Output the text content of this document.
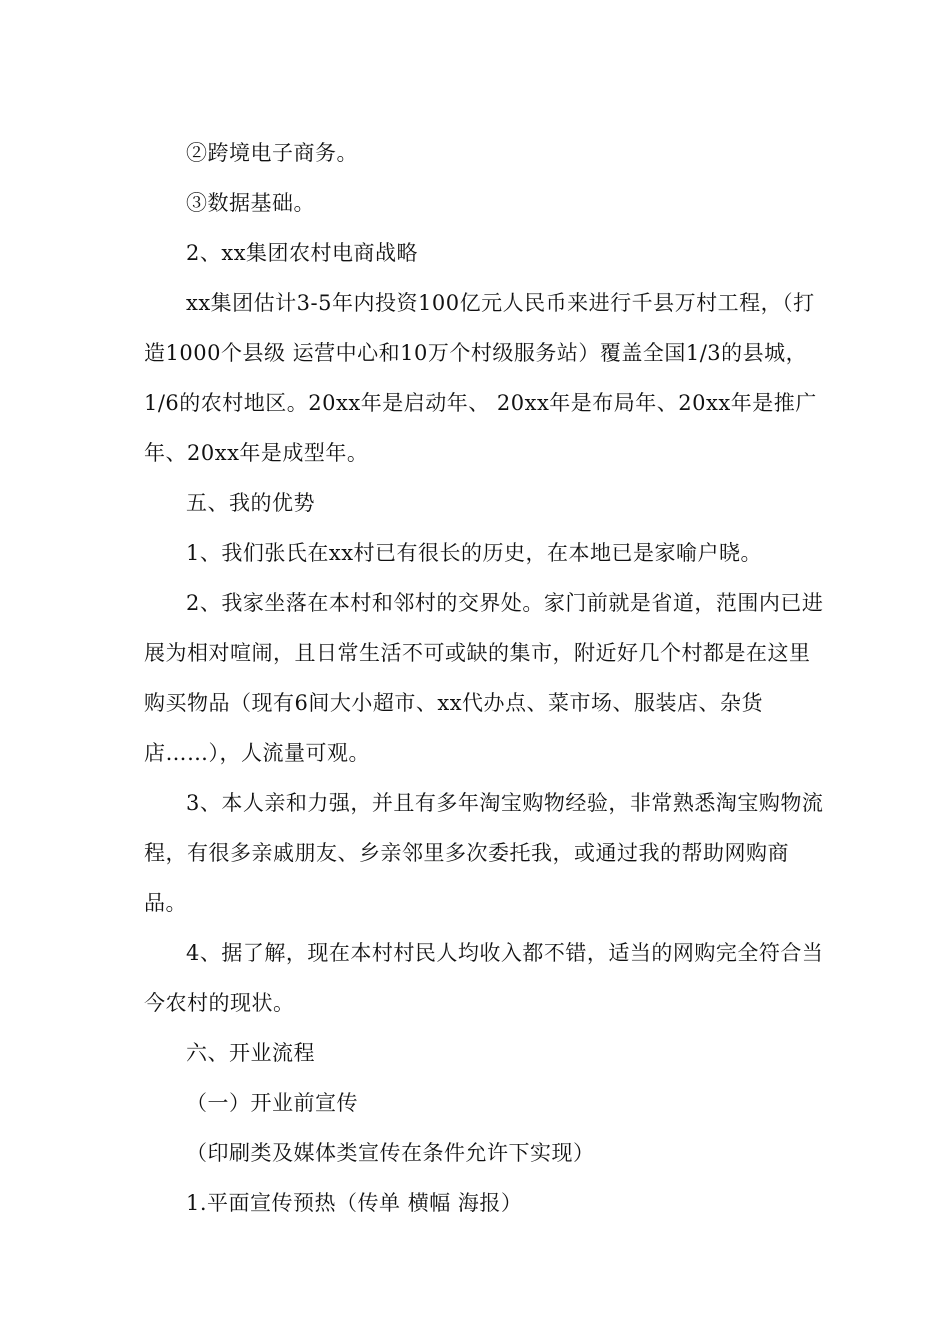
②跨境电子商务。

③数据基础。

2、xx集团农村电商战略

xx集团估计3-5年内投资100亿元人民币来进行千县万村工程，（打造1000个县级 运营中心和10万个村级服务站）覆盖全国1/3的县城，1/6的农村地区。20xx年是启动年、 20xx年是布局年、20xx年是推广年、20xx年是成型年。

五、我的优势

1、我们张氏在xx村已有很长的历史，在本地已是家喻户晓。

2、我家坐落在本村和邻村的交界处。家门前就是省道，范围内已进展为相对喧闹，且日常生活不可或缺的集市，附近好几个村都是在这里购买物品（现有6间大小超市、xx代办点、菜市场、服装店、杂货店……），人流量可观。

3、本人亲和力强，并且有多年淘宝购物经验，非常熟悉淘宝购物流程，有很多亲戚朋友、乡亲邻里多次委托我，或通过我的帮助网购商品。

4、据了解，现在本村村民人均收入都不错，适当的网购完全符合当今农村的现状。

六、开业流程

（一）开业前宣传

（印刷类及媒体类宣传在条件允许下实现）

1.平面宣传预热（传单 横幅 海报）
